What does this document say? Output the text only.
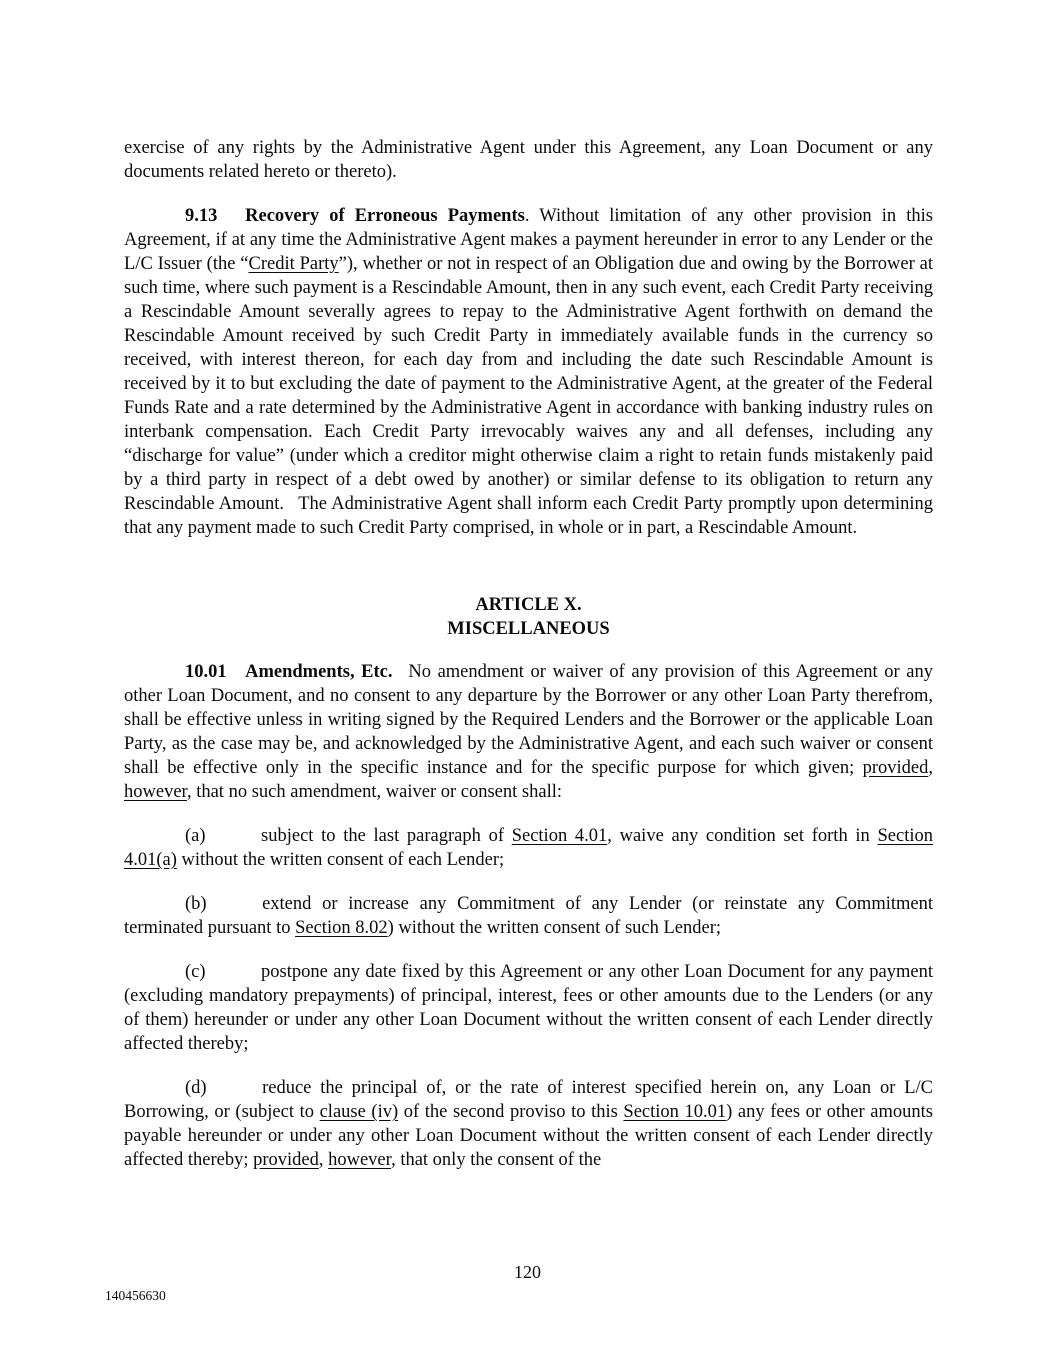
exercise of any rights by the Administrative Agent under this Agreement, any Loan Document or any documents related hereto or thereto).

9.13  Recovery of Erroneous Payments. Without limitation of any other provision in this Agreement, if at any time the Administrative Agent makes a payment hereunder in error to any Lender or the L/C Issuer (the “Credit Party”), whether or not in respect of an Obligation due and owing by the Borrower at such time, where such payment is a Rescindable Amount, then in any such event, each Credit Party receiving a Rescindable Amount severally agrees to repay to the Administrative Agent forthwith on demand the Rescindable Amount received by such Credit Party in immediately available funds in the currency so received, with interest thereon, for each day from and including the date such Rescindable Amount is received by it to but excluding the date of payment to the Administrative Agent, at the greater of the Federal Funds Rate and a rate determined by the Administrative Agent in accordance with banking industry rules on interbank compensation. Each Credit Party irrevocably waives any and all defenses, including any “discharge for value” (under which a creditor might otherwise claim a right to retain funds mistakenly paid by a third party in respect of a debt owed by another) or similar defense to its obligation to return any Rescindable Amount.  The Administrative Agent shall inform each Credit Party promptly upon determining that any payment made to such Credit Party comprised, in whole or in part, a Rescindable Amount.

ARTICLE X.
MISCELLANEOUS

10.01 Amendments, Etc.  No amendment or waiver of any provision of this Agreement or any other Loan Document, and no consent to any departure by the Borrower or any other Loan Party therefrom, shall be effective unless in writing signed by the Required Lenders and the Borrower or the applicable Loan Party, as the case may be, and acknowledged by the Administrative Agent, and each such waiver or consent shall be effective only in the specific instance and for the specific purpose for which given; provided, however, that no such amendment, waiver or consent shall:

(a)   subject to the last paragraph of Section 4.01, waive any condition set forth in Section 4.01(a) without the written consent of each Lender;

(b)   extend or increase any Commitment of any Lender (or reinstate any Commitment terminated pursuant to Section 8.02) without the written consent of such Lender;

(c)   postpone any date fixed by this Agreement or any other Loan Document for any payment (excluding mandatory prepayments) of principal, interest, fees or other amounts due to the Lenders (or any of them) hereunder or under any other Loan Document without the written consent of each Lender directly affected thereby;

(d)   reduce the principal of, or the rate of interest specified herein on, any Loan or L/C Borrowing, or (subject to clause (iv) of the second proviso to this Section 10.01) any fees or other amounts payable hereunder or under any other Loan Document without the written consent of each Lender directly affected thereby; provided, however, that only the consent of the

120
140456630
